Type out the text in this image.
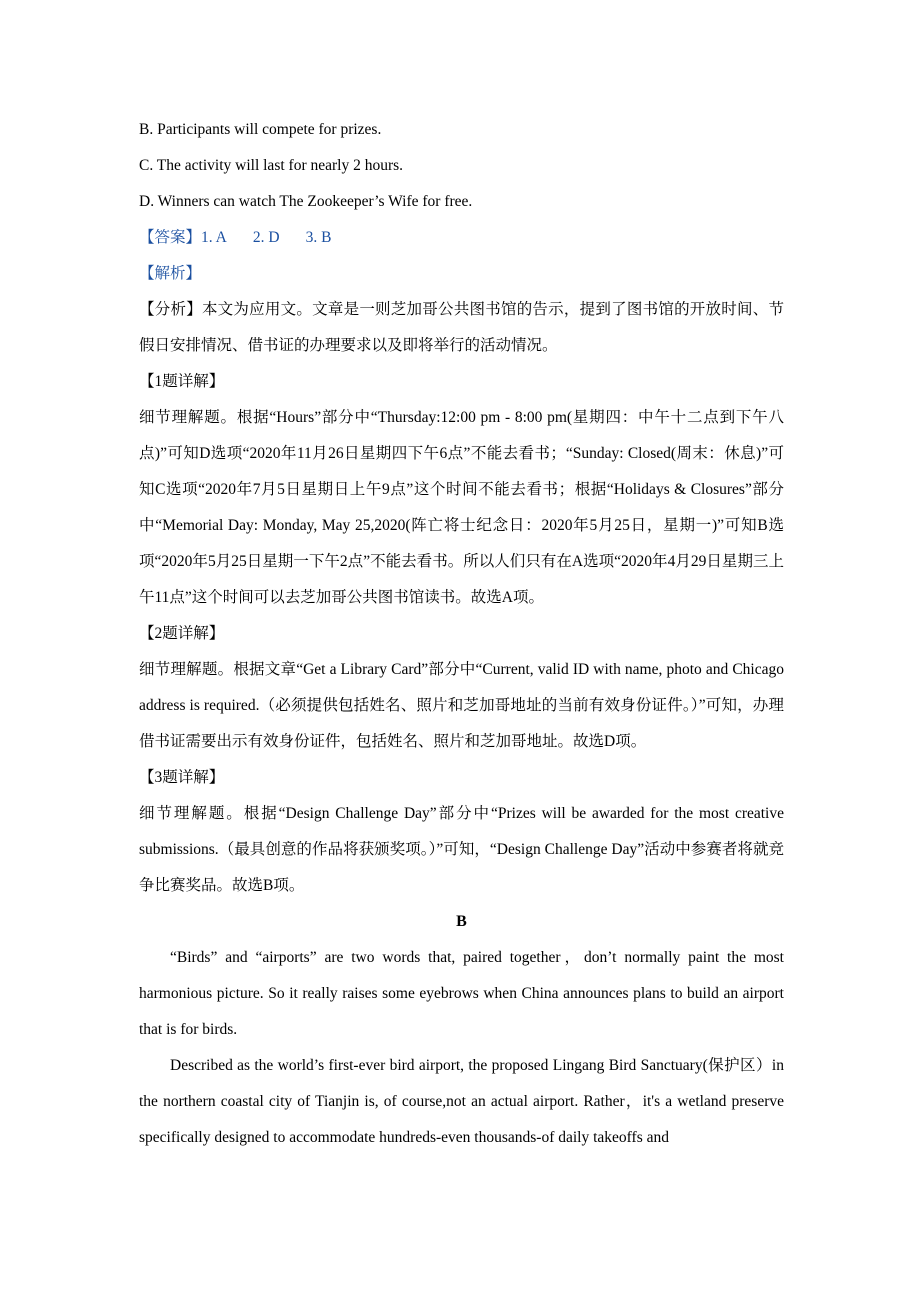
B. Participants will compete for prizes.

C. The activity will last for nearly 2 hours.

D. Winners can watch The Zookeeper’s Wife for free.

【答案】1. A 2. D 3. B

【解析】

【分析】本文为应用文。文章是一则芝加哥公共图书馆的告示，提到了图书馆的开放时间、节假日安排情况、借书证的办理要求以及即将举行的活动情况。

【1题详解】

细节理解题。根据“Hours”部分中“Thursday:12:00 pm - 8:00 pm(星期四：中午十二点到下午八点)”可知D选项“2020年11月26日星期四下午6点”不能去看书；“Sunday: Closed(周末：休息)”可知C选项“2020年7月5日星期日上午9点”这个时间不能去看书；根据“Holidays & Closures”部分中“Memorial Day: Monday, May 25,2020(阵亡将士纪念日：2020年5月25日，星期一)”可知B选项“2020年5月25日星期一下午2点”不能去看书。所以人们只有在A选项“2020年4月29日星期三上午11点”这个时间可以去芝加哥公共图书馆读书。故选A项。

【2题详解】

细节理解题。根据文章“Get a Library Card”部分中“Current, valid ID with name, photo and Chicago address is required.（必须提供包括姓名、照片和芝加哥地址的当前有效身份证件。）”可知，办理借书证需要出示有效身份证件，包括姓名、照片和芝加哥地址。故选D项。

【3题详解】

细节理解题。根据“Design Challenge Day”部分中“Prizes will be awarded for the most creative submissions.（最具创意的作品将获颁奖项。）”可知，“Design Challenge Day”活动中参赛者将就竞争比赛奖品。故选B项。

B

“Birds” and “airports” are two words that, paired together，don’t normally paint the most harmonious picture. So it really raises some eyebrows when China announces plans to build an airport that is for birds.

Described as the world’s first-ever bird airport, the proposed Lingang Bird Sanctuary(保护区）in the northern coastal city of Tianjin is, of course,not an actual airport. Rather，it's a wetland preserve specifically designed to accommodate hundreds-even thousands-of daily takeoffs and
